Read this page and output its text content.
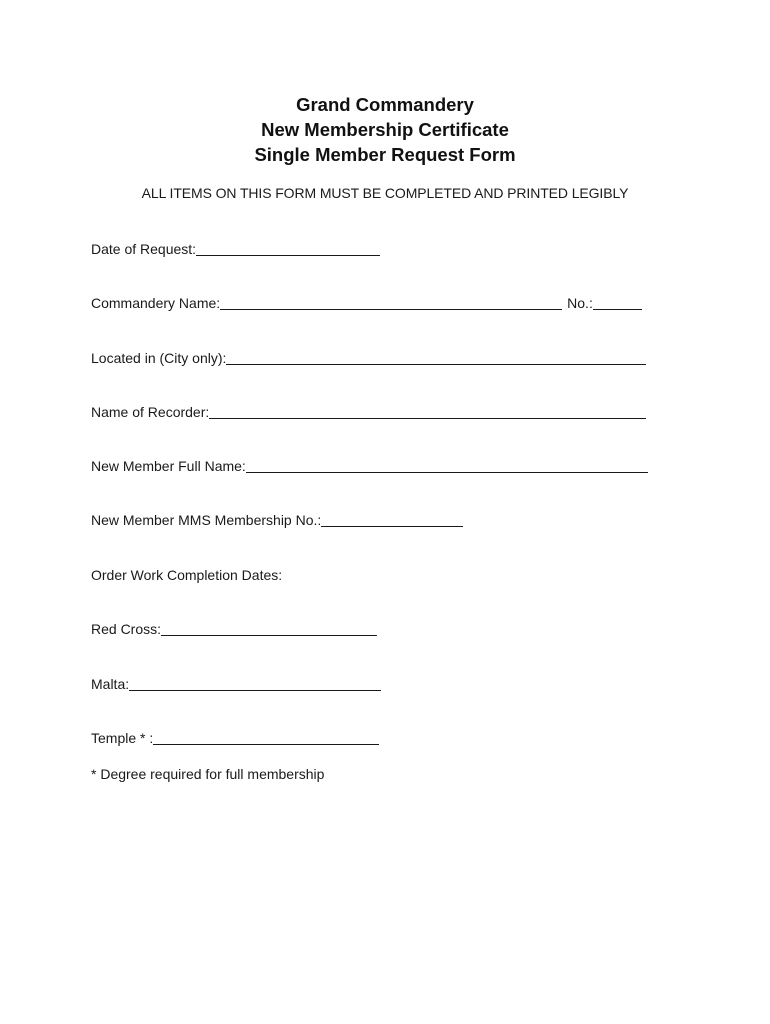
Grand Commandery
New Membership Certificate
Single Member Request Form
ALL ITEMS ON THIS FORM MUST BE COMPLETED AND PRINTED LEGIBLY
Date of Request:
Commandery Name:	No.:
Located in (City only):
Name of Recorder:
New Member Full Name:
New Member MMS Membership No.:
Order Work Completion Dates:
Red Cross:
Malta:
Temple * :
* Degree required for full membership
